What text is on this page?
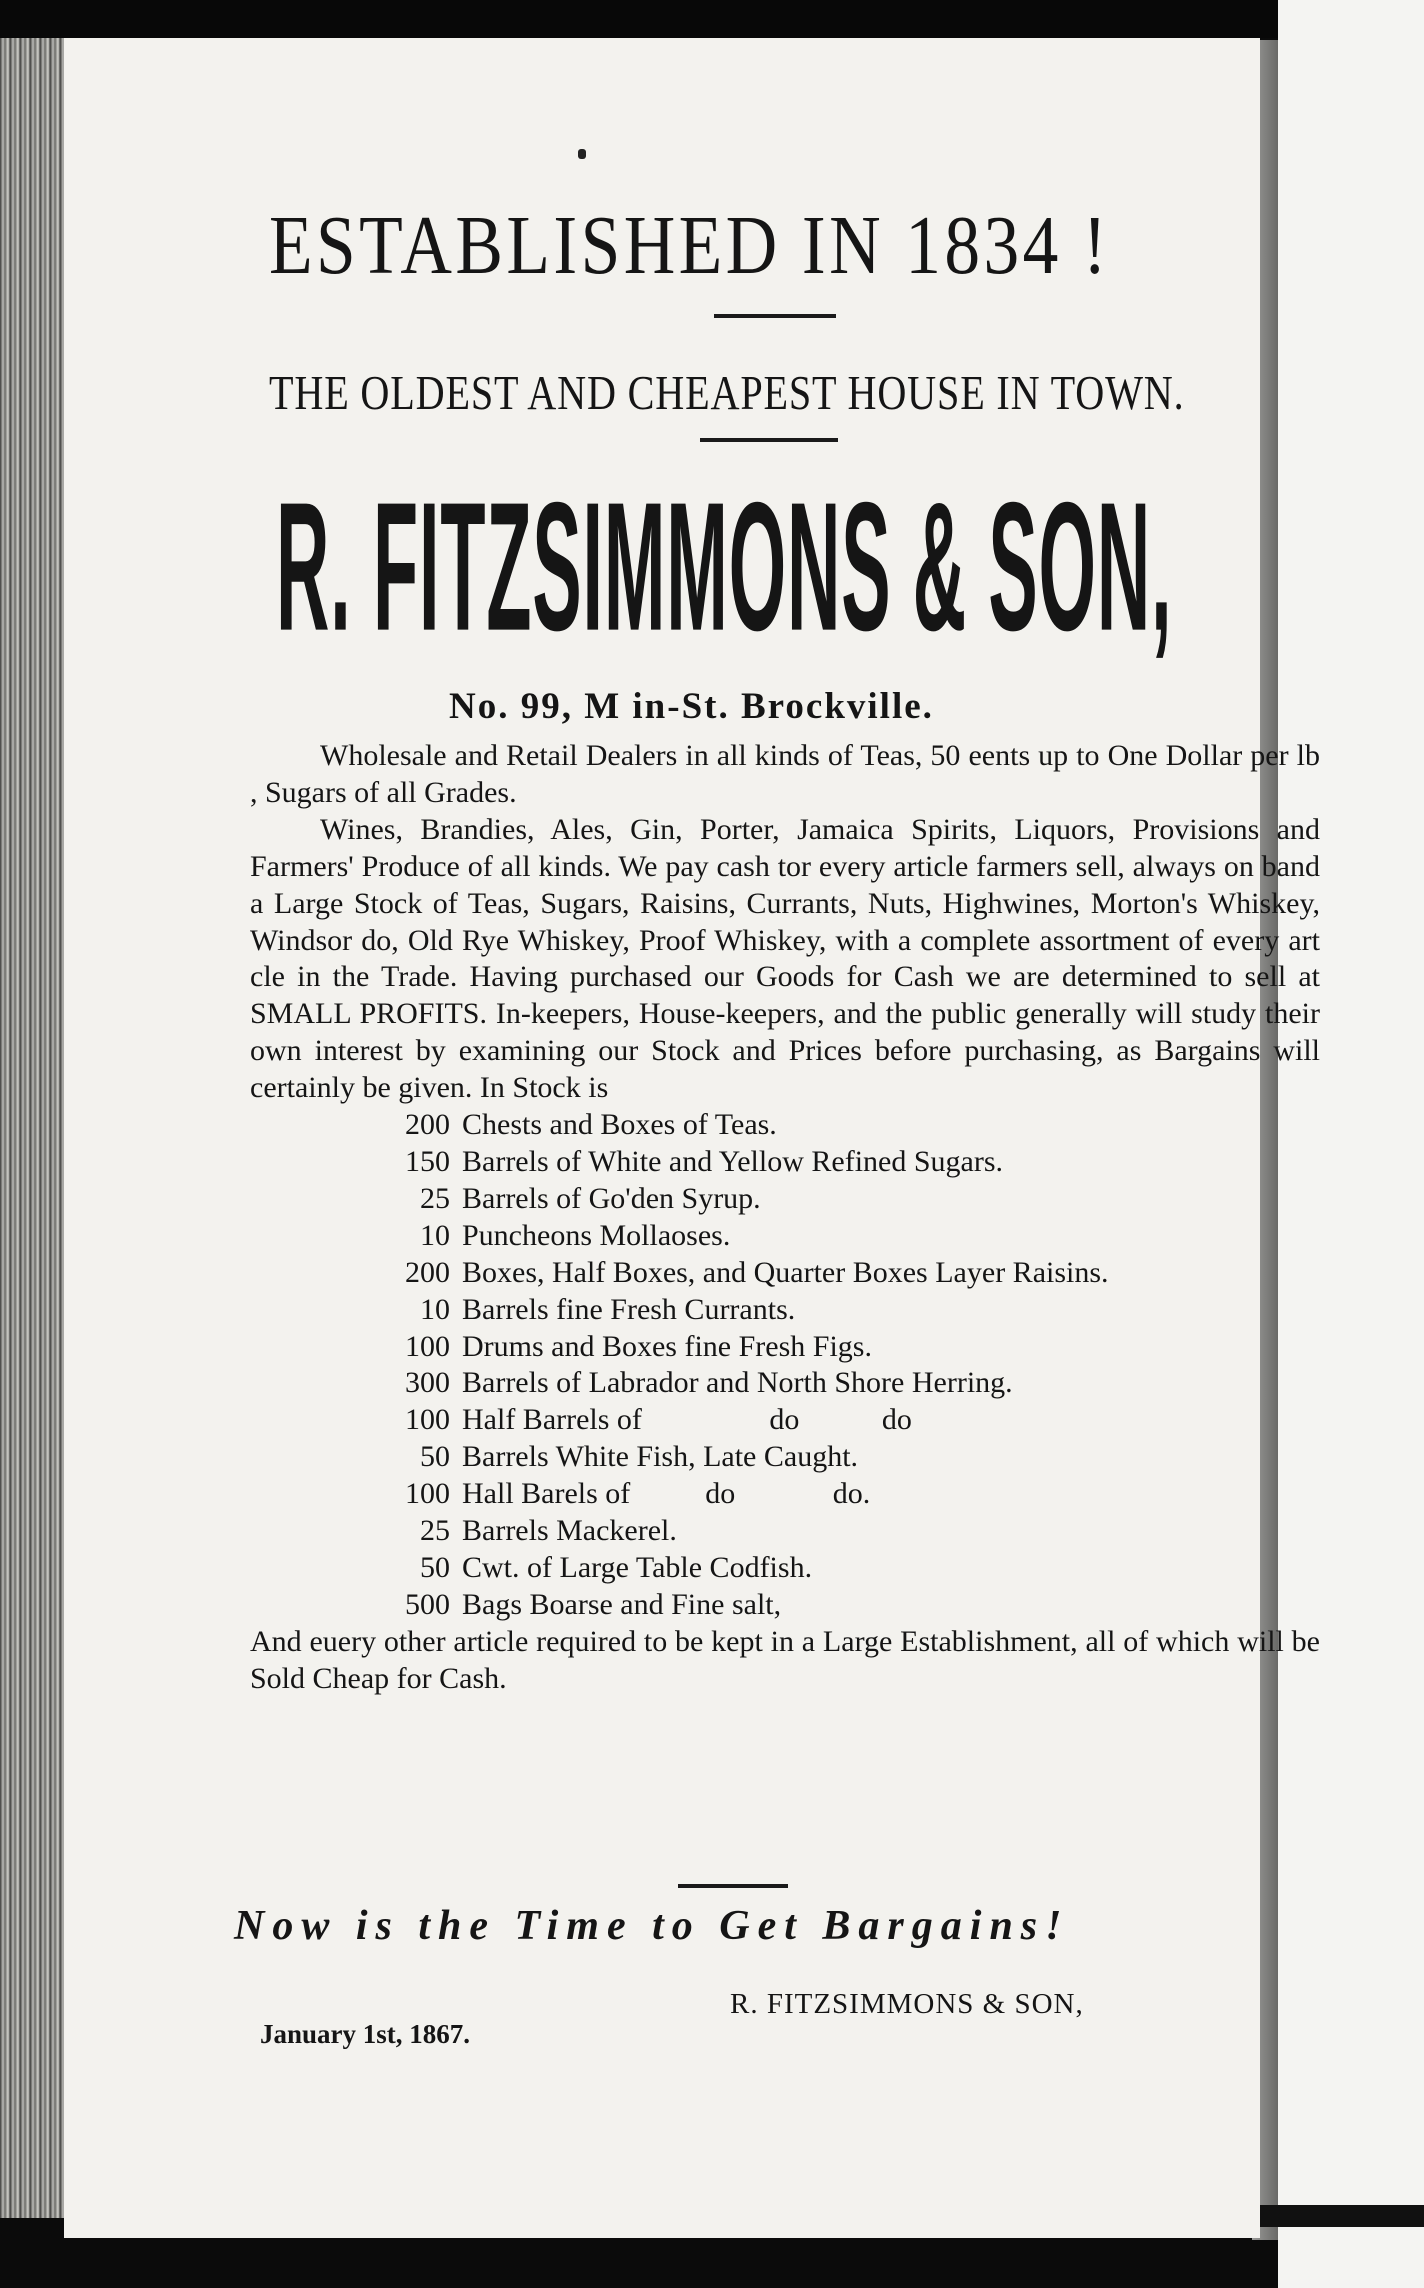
ESTABLISHED IN 1834 !
THE OLDEST AND CHEAPEST HOUSE IN TOWN.
R. FITZSIMMONS & SON,
No. 99, M in-St. Brockville.

Wholesale and Retail Dealers in all kinds of Teas, 50 eents up to One Dollar per lb , Sugars of all Grades.

Wines, Brandies, Ales, Gin, Porter, Jamaica Spirits, Liquors, Provisions and Farmers' Produce of all kinds. We pay cash tor every article farmers sell, always on band a Large Stock of Teas, Sugars, Raisins, Currants, Nuts, Highwines, Morton's Whiskey, Windsor do, Old Rye Whiskey, Proof Whiskey, with a complete assortment of every art cle in the Trade. Having purchased our Goods for Cash we are determined to sell at SMALL PROFITS. In-keepers, House-keepers, and the public generally will study their own interest by examining our Stock and Prices before purchasing, as Bargains will certainly be given. In Stock is

200 Chests and Boxes of Teas.
150 Barrels of White and Yellow Refined Sugars.
25 Barrels of Go'den Syrup.
10 Puncheons Mollaoses.
200 Boxes, Half Boxes, and Quarter Boxes Layer Raisins.
10 Barrels fine Fresh Currants.
100 Drums and Boxes fine Fresh Figs.
300 Barrels of Labrador and North Shore Herring.
100 Half Barrels of                 do           do
50 Barrels White Fish, Late Caught.
100 Hall Barels of          do             do.
25 Barrels Mackerel.
50 Cwt. of Large Table Codfish.
500 Bags Boarse and Fine salt,

And euery other article required to be kept in a Large Establishment, all of which will be Sold Cheap for Cash.

Now is the Time to Get Bargains!
R. FITZSIMMONS & SON,
January 1st, 1867.
